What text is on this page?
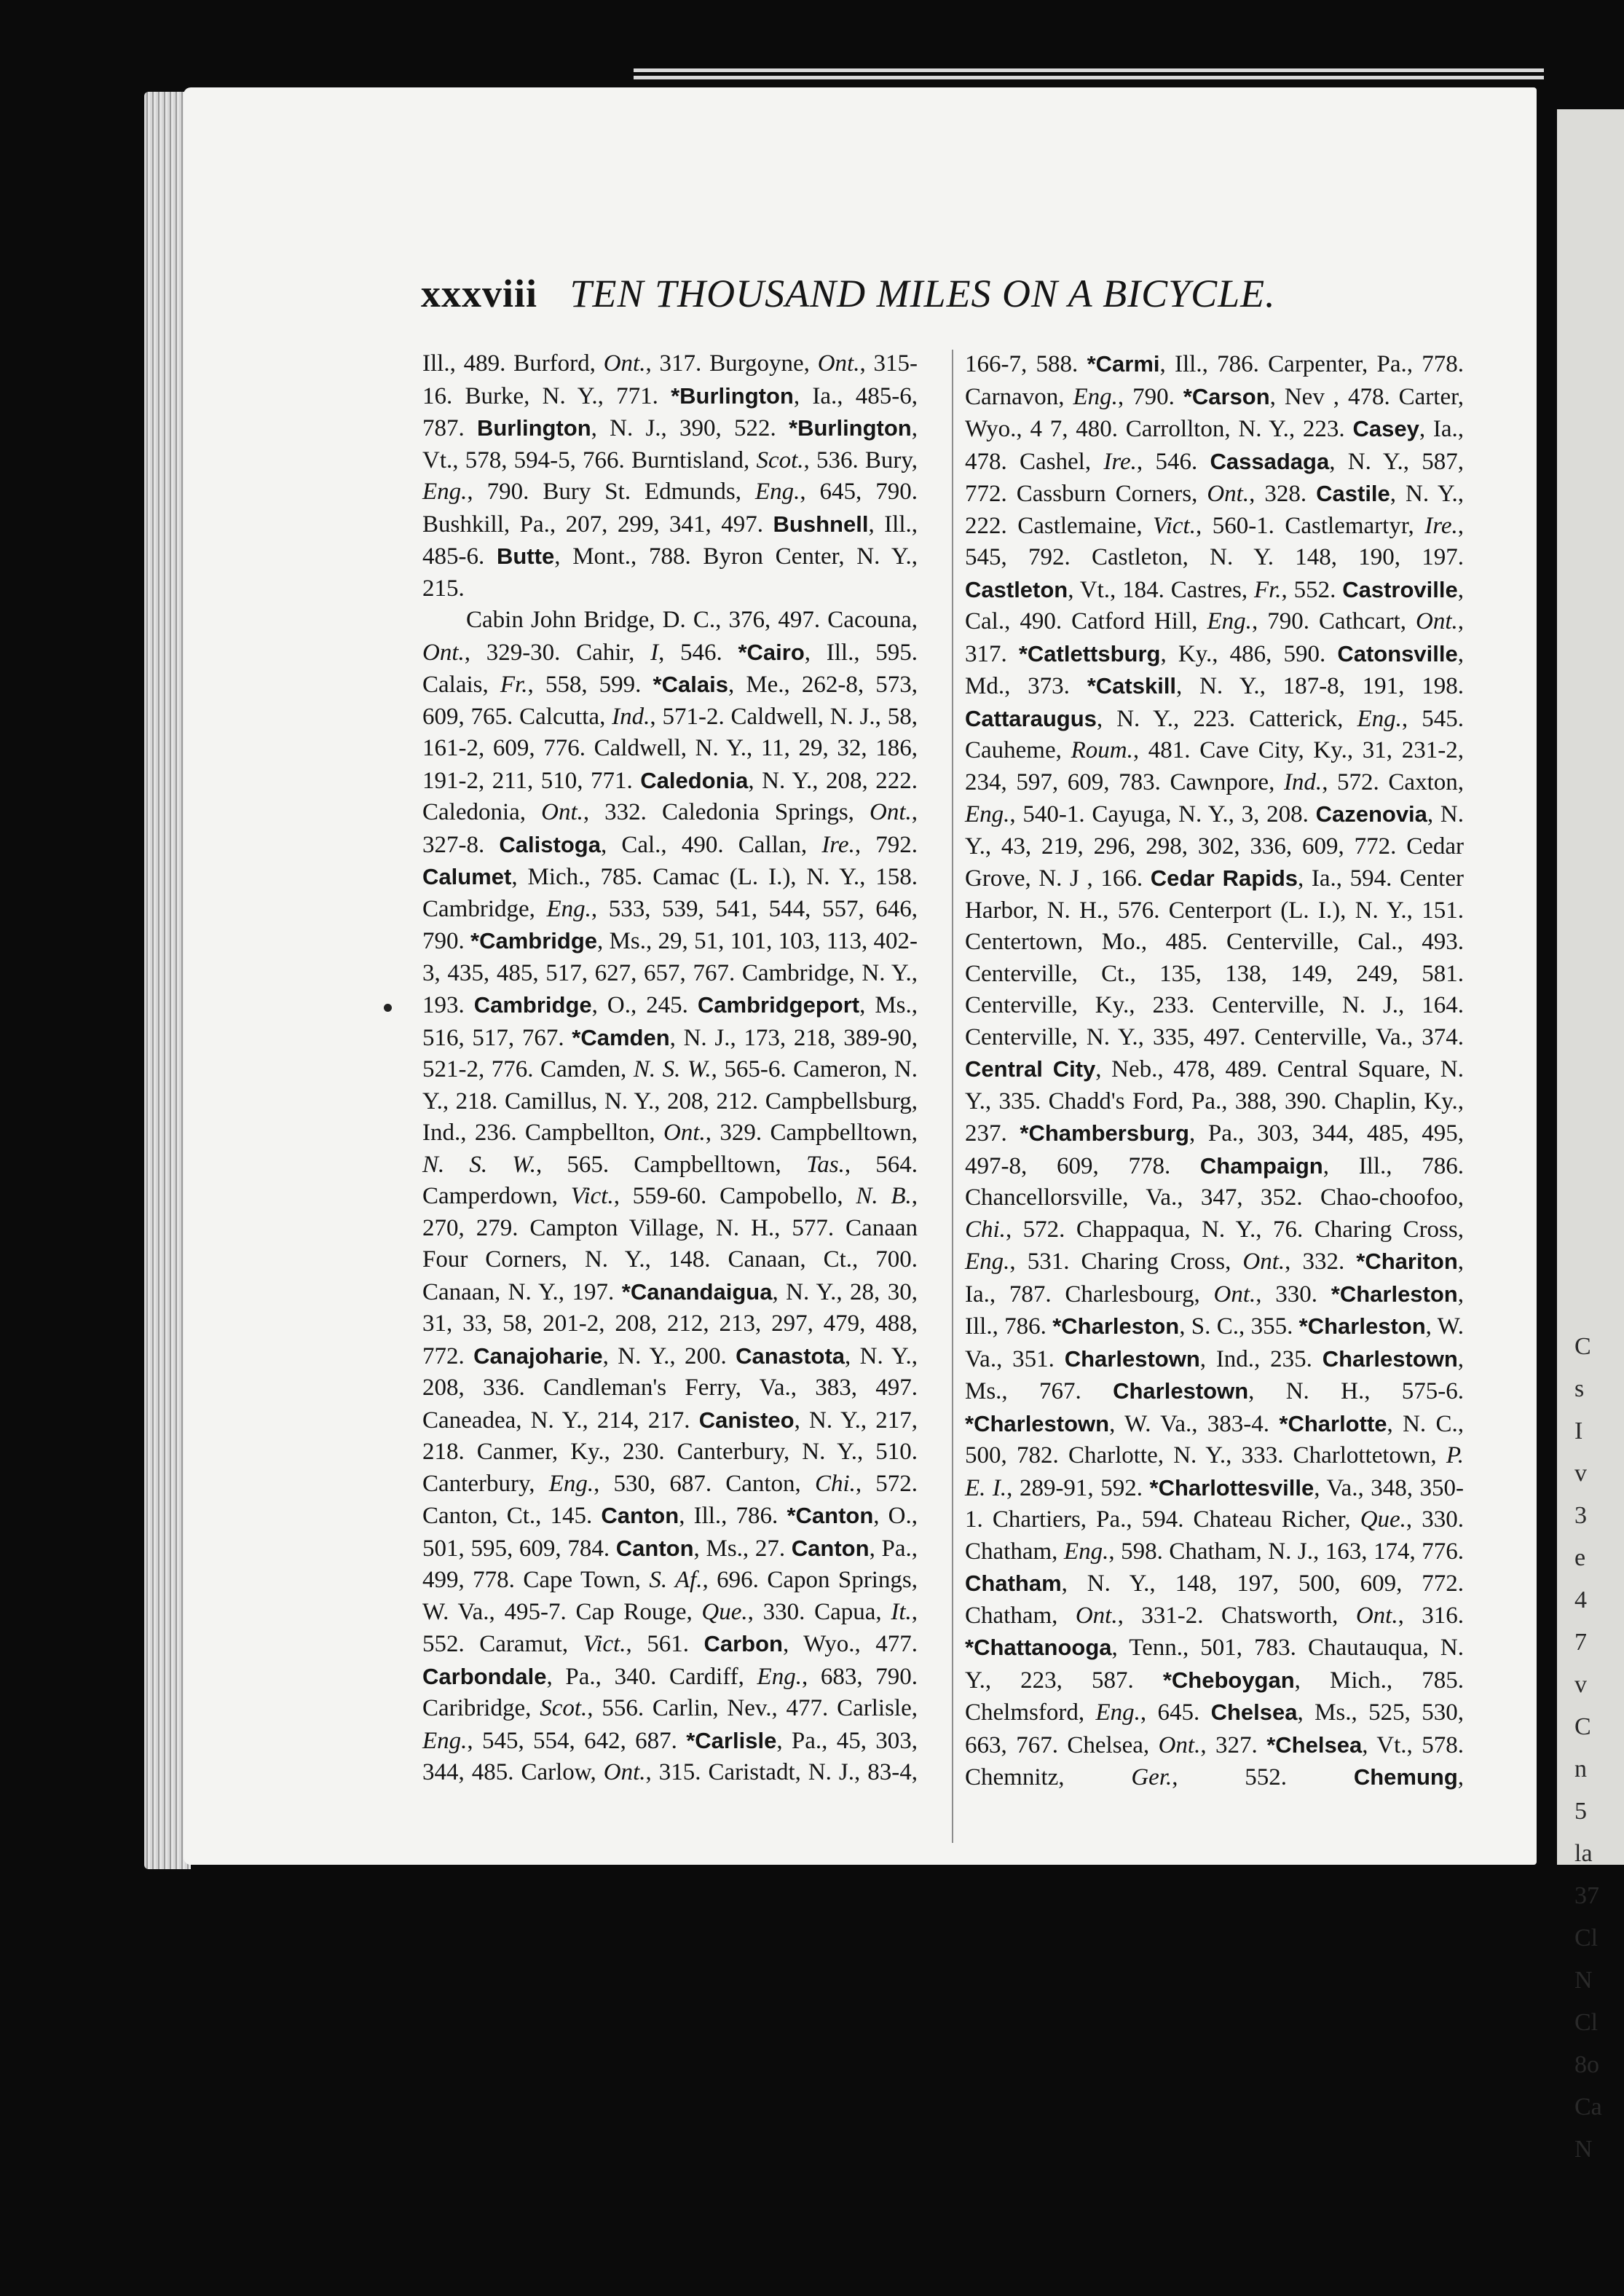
C
s
I
v
3
e
4
7
v
C
n
5
la
37
Cl
N
Cl
8o
Ca
N
xxxviii TEN THOUSAND MILES ON A BICYCLE.

Ill., 489. Burford, Ont., 317. Burgoyne, Ont., 315-16. Burke, N. Y., 771. *Burlington, Ia., 485-6, 787. Burlington, N. J., 390, 522. *Burlington, Vt., 578, 594-5, 766. Burntisland, Scot., 536. Bury, Eng., 790. Bury St. Edmunds, Eng., 645, 790. Bushkill, Pa., 207, 299, 341, 497. Bushnell, Ill., 485-6. Butte, Mont., 788. Byron Center, N. Y., 215.

Cabin John Bridge, D. C., 376, 497. Cacouna, Ont., 329-30. Cahir, I, 546. *Cairo, Ill., 595. Calais, Fr., 558, 599. *Calais, Me., 262-8, 573, 609, 765. Calcutta, Ind., 571-2. Caldwell, N. J., 58, 161-2, 609, 776. Caldwell, N. Y., 11, 29, 32, 186, 191-2, 211, 510, 771. Caledonia, N. Y., 208, 222. Caledonia, Ont., 332. Caledonia Springs, Ont., 327-8. Calistoga, Cal., 490. Callan, Ire., 792. Calumet, Mich., 785. Camac (L. I.), N. Y., 158. Cambridge, Eng., 533, 539, 541, 544, 557, 646, 790. *Cambridge, Ms., 29, 51, 101, 103, 113, 402-3, 435, 485, 517, 627, 657, 767. Cambridge, N. Y., 193. Cambridge, O., 245. Cambridgeport, Ms., 516, 517, 767. *Camden, N. J., 173, 218, 389-90, 521-2, 776. Camden, N. S. W., 565-6. Cameron, N. Y., 218. Camillus, N. Y., 208, 212. Campbellsburg, Ind., 236. Campbellton, Ont., 329. Campbelltown, N. S. W., 565. Campbelltown, Tas., 564. Camperdown, Vict., 559-60. Campobello, N. B., 270, 279. Campton Village, N. H., 577. Canaan Four Corners, N. Y., 148. Canaan, Ct., 700. Canaan, N. Y., 197. *Canandaigua, N. Y., 28, 30, 31, 33, 58, 201-2, 208, 212, 213, 297, 479, 488, 772. Canajoharie, N. Y., 200. Canastota, N. Y., 208, 336. Candleman's Ferry, Va., 383, 497. Caneadea, N. Y., 214, 217. Canisteo, N. Y., 217, 218. Canmer, Ky., 230. Canterbury, N. Y., 510. Canterbury, Eng., 530, 687. Canton, Chi., 572. Canton, Ct., 145. Canton, Ill., 786. *Canton, O., 501, 595, 609, 784. Canton, Ms., 27. Canton, Pa., 499, 778. Cape Town, S. Af., 696. Capon Springs, W. Va., 495-7. Cap Rouge, Que., 330. Capua, It., 552. Caramut, Vict., 561. Carbon, Wyo., 477. Carbondale, Pa., 340. Cardiff, Eng., 683, 790. Caribridge, Scot., 556. Carlin, Nev., 477. Carlisle, Eng., 545, 554, 642, 687. *Carlisle, Pa., 45, 303, 344, 485. Carlow, Ont., 315. Caristadt, N. J., 83-4,

166-7, 588. *Carmi, Ill., 786. Carpenter, Pa., 778. Carnavon, Eng., 790. *Carson, Nev , 478. Carter, Wyo., 4 7, 480. Carrollton, N. Y., 223. Casey, Ia., 478. Cashel, Ire., 546. Cassadaga, N. Y., 587, 772. Cassburn Corners, Ont., 328. Castile, N. Y., 222. Castlemaine, Vict., 560-1. Castlemartyr, Ire., 545, 792. Castleton, N. Y. 148, 190, 197. Castleton, Vt., 184. Castres, Fr., 552. Castroville, Cal., 490. Catford Hill, Eng., 790. Cathcart, Ont., 317. *Catlettsburg, Ky., 486, 590. Catonsville, Md., 373. *Catskill, N. Y., 187-8, 191, 198. Cattaraugus, N. Y., 223. Catterick, Eng., 545. Cauheme, Roum., 481. Cave City, Ky., 31, 231-2, 234, 597, 609, 783. Cawnpore, Ind., 572. Caxton, Eng., 540-1. Cayuga, N. Y., 3, 208. Cazenovia, N. Y., 43, 219, 296, 298, 302, 336, 609, 772. Cedar Grove, N. J , 166. Cedar Rapids, Ia., 594. Center Harbor, N. H., 576. Centerport (L. I.), N. Y., 151. Centertown, Mo., 485. Centerville, Cal., 493. Centerville, Ct., 135, 138, 149, 249, 581. Centerville, Ky., 233. Centerville, N. J., 164. Centerville, N. Y., 335, 497. Centerville, Va., 374. Central City, Neb., 478, 489. Central Square, N. Y., 335. Chadd's Ford, Pa., 388, 390. Chaplin, Ky., 237. *Chambersburg, Pa., 303, 344, 485, 495, 497-8, 609, 778. Champaign, Ill., 786. Chancellorsville, Va., 347, 352. Chao-choofoo, Chi., 572. Chappaqua, N. Y., 76. Charing Cross, Eng., 531. Charing Cross, Ont., 332. *Chariton, Ia., 787. Charlesbourg, Ont., 330. *Charleston, Ill., 786. *Charleston, S. C., 355. *Charleston, W. Va., 351. Charlestown, Ind., 235. Charlestown, Ms., 767. Charlestown, N. H., 575-6. *Charlestown, W. Va., 383-4. *Charlotte, N. C., 500, 782. Charlotte, N. Y., 333. Charlottetown, P. E. I., 289-91, 592. *Charlottesville, Va., 348, 350-1. Chartiers, Pa., 594. Chateau Richer, Que., 330. Chatham, Eng., 598. Chatham, N. J., 163, 174, 776. Chatham, N. Y., 148, 197, 500, 609, 772. Chatham, Ont., 331-2. Chatsworth, Ont., 316. *Chattanooga, Tenn., 501, 783. Chautauqua, N. Y., 223, 587. *Cheboygan, Mich., 785. Chelmsford, Eng., 645. Chelsea, Ms., 525, 530, 663, 767. Chelsea, Ont., 327. *Chelsea, Vt., 578. Chemnitz, Ger., 552. Chemung,
